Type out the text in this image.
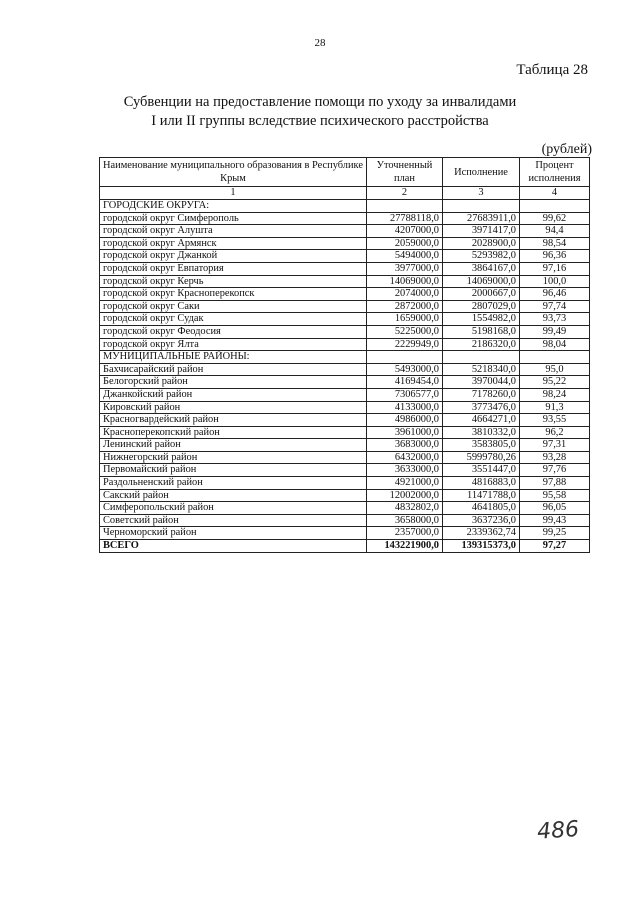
28
Таблица 28
Субвенции на предоставление помощи по уходу за инвалидами
I или II группы вследствие психического расстройства
(рублей)
Наименование муниципального образования в Республике Крым	Уточненный план	Исполнение	Процент исполнения
1	2	3	4
ГОРОДСКИЕ ОКРУГА:			
городской округ Симферополь	27788118,0	27683911,0	99,62
городской округ Алушта	4207000,0	3971417,0	94,4
городской округ Армянск	2059000,0	2028900,0	98,54
городской округ Джанкой	5494000,0	5293982,0	96,36
городской округ Евпатория	3977000,0	3864167,0	97,16
городской округ Керчь	14069000,0	14069000,0	100,0
городской округ Красноперекопск	2074000,0	2000667,0	96,46
городской округ Саки	2872000,0	2807029,0	97,74
городской округ Судак	1659000,0	1554982,0	93,73
городской округ Феодосия	5225000,0	5198168,0	99,49
городской округ Ялта	2229949,0	2186320,0	98,04
МУНИЦИПАЛЬНЫЕ РАЙОНЫ:			
Бахчисарайский район	5493000,0	5218340,0	95,0
Белогорский район	4169454,0	3970044,0	95,22
Джанкойский район	7306577,0	7178260,0	98,24
Кировский район	4133000,0	3773476,0	91,3
Красногвардейский район	4986000,0	4664271,0	93,55
Красноперекопский район	3961000,0	3810332,0	96,2
Ленинский район	3683000,0	3583805,0	97,31
Нижнегорский район	6432000,0	5999780,26	93,28
Первомайский район	3633000,0	3551447,0	97,76
Раздольненский район	4921000,0	4816883,0	97,88
Сакский район	12002000,0	11471788,0	95,58
Симферопольский район	4832802,0	4641805,0	96,05
Советский район	3658000,0	3637236,0	99,43
Черноморский район	2357000,0	2339362,74	99,25
ВСЕГО	143221900,0	139315373,0	97,27
486
